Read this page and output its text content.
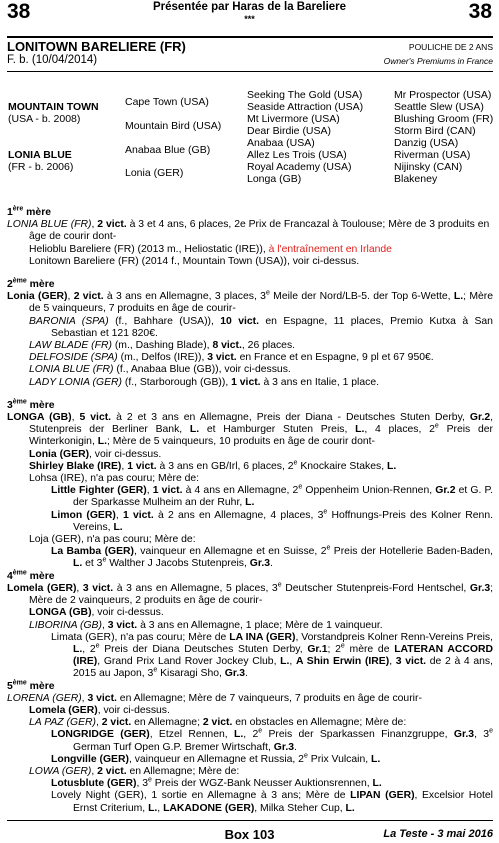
38	38
Présentée par Haras de la Bareliere
***
LONITOWN BARELIERE (FR)
F. b. (10/04/2014)
POULICHE DE 2 ANS
Owner's Premiums in France
MOUNTAIN TOWN
(USA - b. 2008)
LONIA BLUE
(FR - b. 2006)
Cape Town (USA)
Mountain Bird (USA)
Anabaa Blue (GB)
Lonia (GER)
Seeking The Gold (USA)
Seaside Attraction (USA)
Mt Livermore (USA)
Dear Birdie (USA)
Anabaa (USA)
Allez Les Trois (USA)
Royal Academy (USA)
Longa (GB)
Mr Prospector (USA)
Seattle Slew (USA)
Blushing Groom (FR)
Storm Bird (CAN)
Danzig (USA)
Riverman (USA)
Nijinsky (CAN)
Blakeney

1ère mère

LONIA BLUE (FR), 2 vict. à 3 et 4 ans, 6 places, 2e Prix de Francazal à Toulouse; Mère de 3 produits en âge de courir dont-

Helioblu Bareliere (FR) (2013 m., Heliostatic (IRE)), à l'entraînement en Irlande

Lonitown Bareliere (FR) (2014 f., Mountain Town (USA)), voir ci-dessus.

2ème mère

Lonia (GER), 2 vict. à 3 ans en Allemagne, 3 places, 3e Meile der Nord/LB-5. der Top 6-Wette, L.; Mère de 5 vainqueurs, 7 produits en âge de courir-

BARONIA (SPA) (f., Bahhare (USA)), 10 vict. en Espagne, 11 places, Premio Kutxa à San Sebastian et 121 820€.

LAW BLADE (FR) (m., Dashing Blade), 8 vict., 26 places.

DELFOSIDE (SPA) (m., Delfos (IRE)), 3 vict. en France et en Espagne, 9 pl et 67 950€.

LONIA BLUE (FR) (f., Anabaa Blue (GB)), voir ci-dessus.

LADY LONIA (GER) (f., Starborough (GB)), 1 vict. à 3 ans en Italie, 1 place.

3ème mère

LONGA (GB), 5 vict. à 2 et 3 ans en Allemagne, Preis der Diana - Deutsches Stuten Derby, Gr.2, Stutenpreis der Berliner Bank, L. et Hamburger Stuten Preis, L., 4 places, 2e Preis der Winterkonigin, L.; Mère de 5 vainqueurs, 10 produits en âge de courir dont-

Lonia (GER), voir ci-dessus.

Shirley Blake (IRE), 1 vict. à 3 ans en GB/Irl, 6 places, 2e Knockaire Stakes, L.

Lohsa (IRE), n'a pas couru; Mère de:

Little Fighter (GER), 1 vict. à 4 ans en Allemagne, 2e Oppenheim Union-Rennen, Gr.2 et G. P. der Sparkasse Mulheim an der Ruhr, L.

Limon (GER), 1 vict. à 2 ans en Allemagne, 4 places, 3e Hoffnungs-Preis des Kolner Renn. Vereins, L.

Loja (GER), n'a pas couru; Mère de:

La Bamba (GER), vainqueur en Allemagne et en Suisse, 2e Preis der Hotellerie Baden-Baden, L. et 3e Walther J Jacobs Stutenpreis, Gr.3.

4ème mère

Lomela (GER), 3 vict. à 3 ans en Allemagne, 5 places, 3e Deutscher Stutenpreis-Ford Hentschel, Gr.3; Mère de 2 vainqueurs, 2 produits en âge de courir-

LONGA (GB), voir ci-dessus.

LIBORINA (GB), 3 vict. à 3 ans en Allemagne, 1 place; Mère de 1 vainqueur.

Limata (GER), n'a pas couru; Mère de LA INA (GER), Vorstandpreis Kolner Renn-Vereins Preis, L., 2e Preis der Diana Deutsches Stuten Derby, Gr.1; 2e mère de LATERAN ACCORD (IRE), Grand Prix Land Rover Jockey Club, L., A Shin Erwin (IRE), 3 vict. de 2 à 4 ans, 2015 au Japon, 3e Kisaragi Sho, Gr.3.

5ème mère

LORENA (GER), 3 vict. en Allemagne; Mère de 7 vainqueurs, 7 produits en âge de courir-

Lomela (GER), voir ci-dessus.

LA PAZ (GER), 2 vict. en Allemagne; 2 vict. en obstacles en Allemagne; Mère de:

LONGRIDGE (GER), Etzel Rennen, L., 2e Preis der Sparkassen Finanzgruppe, Gr.3, 3e German Turf Open G.P. Bremer Wirtschaft, Gr.3.

Longville (GER), vainqueur en Allemagne et Russia, 2e Prix Vulcain, L.

LOWA (GER), 2 vict. en Allemagne; Mère de:

Lotusblute (GER), 3e Preis der WGZ-Bank Neusser Auktionsrennen, L.

Lovely Night (GER), 1 sortie en Allemagne à 3 ans; Mère de LIPAN (GER), Excelsior Hotel Ernst Criterium, L., LAKADONE (GER), Milka Steher Cup, L.

Box 103	La Teste - 3 mai 2016
